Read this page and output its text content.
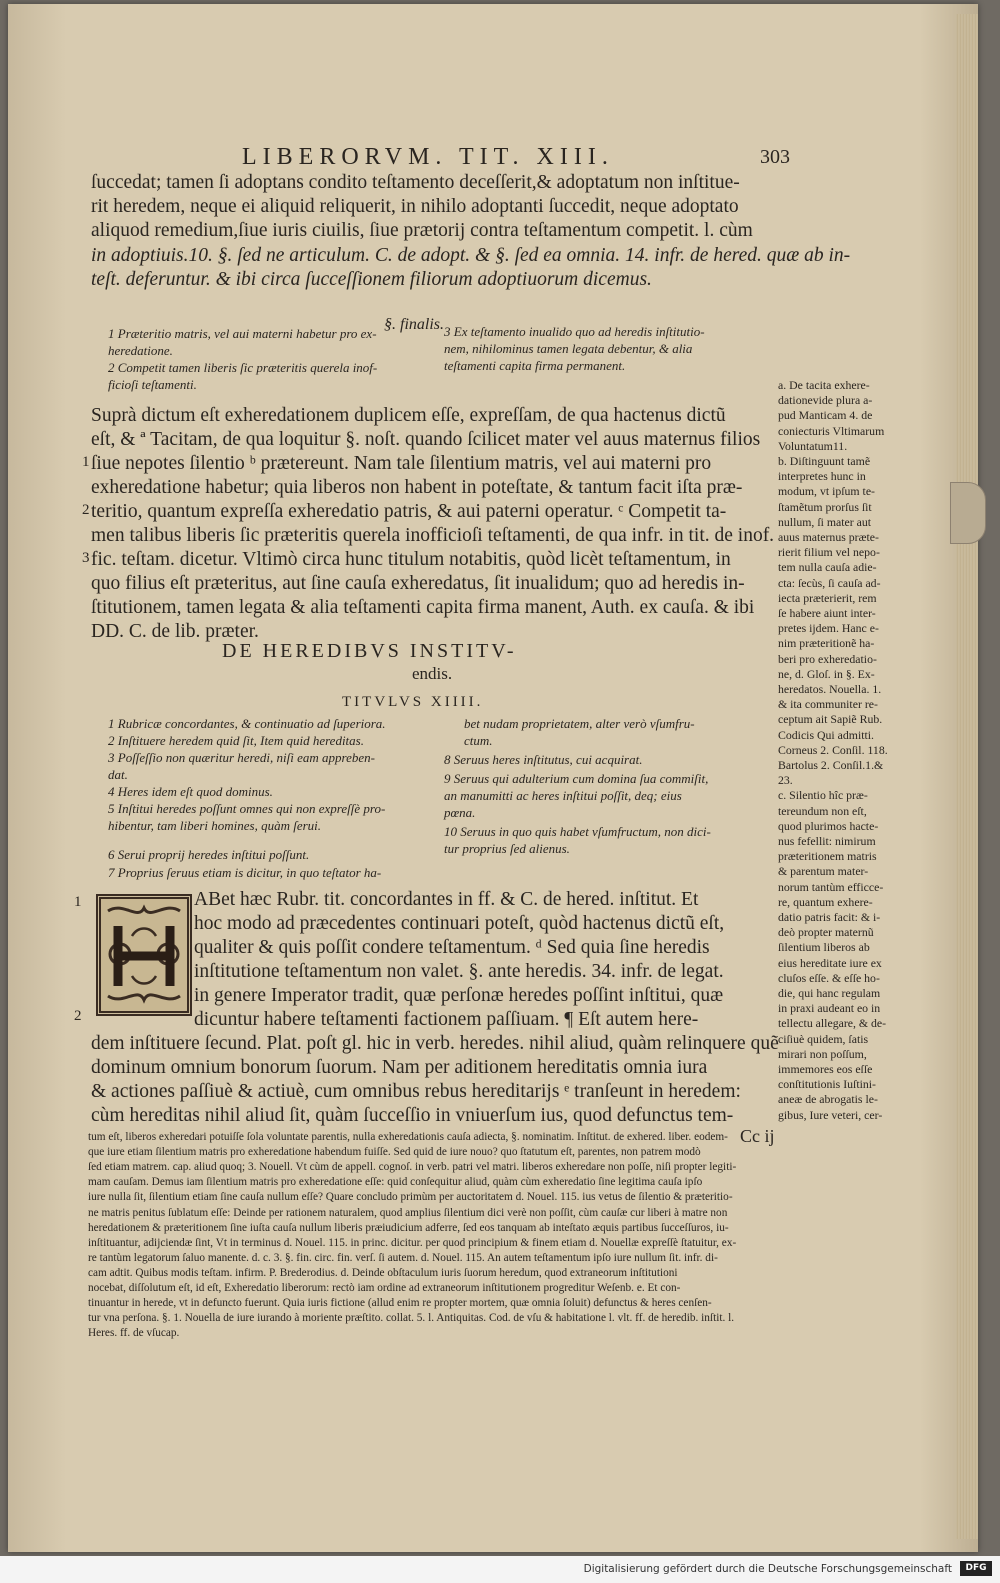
LIBERORVM. TIT. XIII.	303
ſuccedat; tamen ſi adoptans condito teſtamento deceſſerit,& adoptatum non inſtitue-
rit heredem, neque ei aliquid reliquerit, in nihilo adoptanti ſuccedit, neque adoptato
aliquod remedium,ſiue iuris ciuilis, ſiue prætorij contra teſtamentum competit. l. cùm
in adoptiuis.10. §. ſed ne articulum. C. de adopt. & §. ſed ea omnia. 14. infr. de hered. quæ ab in-
teſt. deferuntur. & ibi circa ſucceſſionem filiorum adoptiuorum dicemus.
§. finalis.
1 Præteritio matris, vel aui materni habetur pro ex-
heredatione.
2 Competit tamen liberis ſic præteritis querela inof-
ficioſi teſtamenti.
3 Ex teſtamento inualido quo ad heredis inſtitutio-
nem, nihilominus tamen legata debentur, & alia
teſtamenti capita firma permanent.
Suprà dictum eſt exheredationem duplicem eſſe, expreſſam, de qua hactenus dictũ
eſt, & ª Tacitam, de qua loquitur §. noſt. quando ſcilicet mater vel auus maternus filios
ſiue nepotes ſilentio ᵇ prætereunt. Nam tale ſilentium matris, vel aui materni pro
exheredatione habetur; quia liberos non habent in poteſtate, & tantum facit iſta præ-
teritio, quantum expreſſa exheredatio patris, & aui paterni operatur. ᶜ Competit ta-
men talibus liberis ſic præteritis querela inofficioſi teſtamenti, de qua infr. in tit. de inof.
fic. teſtam. dicetur. Vltimò circa hunc titulum notabitis, quòd licèt teſtamentum, in
quo filius eſt præteritus, aut ſine cauſa exheredatus, ſit inualidum; quo ad heredis in-
ſtitutionem, tamen legata & alia teſtamenti capita firma manent, Auth. ex cauſa. & ibi
DD. C. de lib. præter.
1
2
3
DE HEREDIBVS INSTITV-
endis.
TITVLVS XIIII.
1 Rubricæ concordantes, & continuatio ad ſuperiora.
2 Inſtituere heredem quid ſit, Item quid hereditas.
3 Poſſeſſio non quæritur heredi, niſi eam appreben-
dat.
4 Heres idem eſt quod dominus.
5 Inſtitui heredes poſſunt omnes qui non expreſſè pro-
hibentur, tam liberi homines, quàm ſerui.
6 Serui proprij heredes inſtitui poſſunt.
7 Proprius ſeruus etiam is dicitur, in quo teſtator ha-
bet nudam proprietatem, alter verò vſumfru-
ctum.
8 Seruus heres inſtitutus, cui acquirat.
9 Seruus qui adulterium cum domina ſua commiſit,
an manumitti ac heres inſtitui poſſit, deq; eius
pœna.
10 Seruus in quo quis habet vſumfructum, non dici-
tur proprius ſed alienus.
ABet hæc Rubr. tit. concordantes in ff. & C. de hered. inſtitut. Et
hoc modo ad præcedentes continuari poteſt, quòd hactenus dictũ eſt,
qualiter & quis poſſit condere teſtamentum. ᵈ Sed quia ſine heredis
inſtitutione teſtamentum non valet. §. ante heredis. 34. infr. de legat.
in genere Imperator tradit, quæ perſonæ heredes poſſint inſtitui, quæ
dicuntur habere teſtamenti factionem paſſiuam. ¶ Eſt autem here-
dem inſtituere ſecund. Plat. poſt gl. hic in verb. heredes. nihil aliud, quàm relinquere quẽ
dominum omnium bonorum ſuorum. Nam per aditionem hereditatis omnia iura
& actiones paſſiuè & actiuè, cum omnibus rebus hereditarijs ᵉ tranſeunt in heredem:
cùm hereditas nihil aliud ſit, quàm ſucceſſio in vniuerſum ius, quod defunctus tem-
1
2
Cc ij
a. De tacita exhere-
dationevide plura a-
pud Manticam 4. de
coniecturis Vltimarum
Voluntatum11.
b. Diſtinguunt tamẽ
interpretes hunc in
modum, vt ipſum te-
ſtamẽtum prorſus ſit
nullum, ſi mater aut
auus maternus præte-
rierit filium vel nepo-
tem nulla cauſa adie-
cta: ſecùs, ſi cauſa ad-
iecta præterierit, rem
ſe habere aiunt inter-
pretes ijdem. Hanc e-
nim præteritionẽ ha-
beri pro exheredatio-
ne, d. Gloſ. in §. Ex-
heredatos. Nouella. 1.
& ita communiter re-
ceptum ait Sapiẽ Rub.
Codicis Qui admitti.
Corneus 2. Conſil. 118.
Bartolus 2. Conſil.1.&
23.
c. Silentio hîc præ-
tereundum non eſt,
quod plurimos hacte-
nus fefellit: nimirum
præteritionem matris
& parentum mater-
norum tantùm efficce-
re, quantum exhere-
datio patris facit: & i-
deò propter maternũ
ſilentium liberos ab
eius hereditate iure ex
cluſos eſſe. & eſſe ho-
die, qui hanc regulam
in praxi audeant eo in
tellectu allegare, & de-
ciſiuè quidem, ſatis
mirari non poſſum,
immemores eos eſſe
conſtitutionis Iuſtini-
aneæ de abrogatis le-
gibus, Iure veteri, cer-
tum eſt, liberos exheredari potuiſſe ſola voluntate parentis, nulla exheredationis cauſa adiecta, §. nominatim. Inſtitut. de exhered. liber. eodem-
que iure etiam ſilentium matris pro exheredatione habendum fuiſſe. Sed quid de iure nouo? quo ſtatutum eſt, parentes, non patrem modò
ſed etiam matrem. cap. aliud quoq; 3. Nouell. Vt cùm de appell. cognoſ. in verb. patri vel matri. liberos exheredare non poſſe, niſi propter legiti-
mam cauſam. Demus iam ſilentium matris pro exheredatione eſſe: quid conſequitur aliud, quàm cùm exheredatio ſine legitima cauſa ipſo
iure nulla ſit, ſilentium etiam ſine cauſa nullum eſſe? Quare concludo primùm per auctoritatem d. Nouel. 115. ius vetus de ſilentio & præteritio-
ne matris penitus ſublatum eſſe: Deinde per rationem naturalem, quod amplius ſilentium dici verè non poſſit, cùm cauſæ cur liberi à matre non
heredationem & præteritionem ſine iuſta cauſa nullum liberis præiudicium adferre, ſed eos tanquam ab inteſtato æquis partibus ſucceſſuros, iu-
inſtituantur, adijciendæ ſint, Vt in terminus d. Nouel. 115. in princ. dicitur. per quod principium & finem etiam d. Nouellæ expreſſè ſtatuitur, ex-
re tantùm legatorum ſaluo manente. d. c. 3. §. fin. circ. fin. verſ. ſi autem. d. Nouel. 115. An autem teſtamentum ipſo iure nullum ſit. infr. di-
cam adtit. Quibus modis teſtam. infirm. P. Brederodius. d. Deinde obſtaculum iuris ſuorum heredum, quod extraneorum inſtitutioni
nocebat, diſſolutum eſt, id eſt, Exheredatio liberorum: rectò iam ordine ad extraneorum inſtitutionem progreditur Weſenb. e. Et con-
tinuantur in herede, vt in defuncto fuerunt. Quia iuris fictione (allud enim re propter mortem, quæ omnia ſoluit) defunctus & heres cenſen-
tur vna perſona. §. 1. Nouella de iure iurando à moriente præſtito. collat. 5. l. Antiquitas. Cod. de vſu & habitatione l. vlt. ff. de heredib. inſtit. l.
Heres. ff. de vſucap.
Digitalisierung gefördert durch die Deutsche Forschungsgemeinschaft	DFG
